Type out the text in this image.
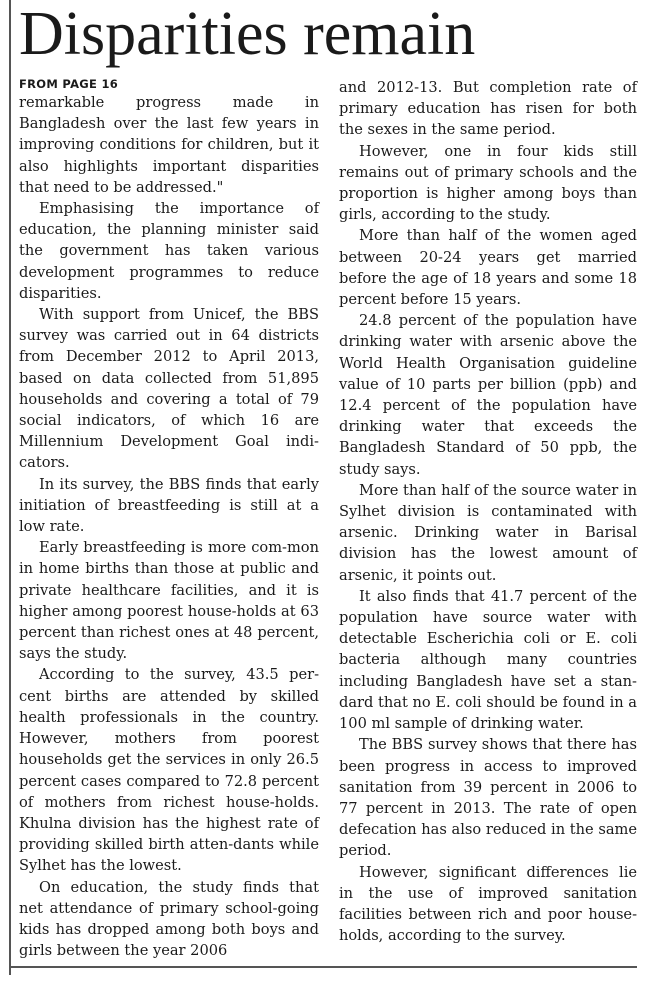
Disparities remain

FROM PAGE 16

remarkable progress made in Bangladesh over the last few years in improving conditions for children, but it also highlights important disparities that need to be addressed."

Emphasising the importance of education, the planning minister said the government has taken various development programmes to reduce disparities.

With support from Unicef, the BBS survey was carried out in 64 districts from December 2012 to April 2013, based on data collected from 51,895 households and covering a total of 79 social indicators, of which 16 are Millennium Development Goal indi-cators.

In its survey, the BBS finds that early initiation of breastfeeding is still at a low rate.

Early breastfeeding is more com-mon in home births than those at public and private healthcare facilities, and it is higher among poorest house-holds at 63 percent than richest ones at 48 percent, says the study.

According to the survey, 43.5 per-cent births are attended by skilled health professionals in the country. However, mothers from poorest households get the services in only 26.5 percent cases compared to 72.8 percent of mothers from richest house-holds. Khulna division has the highest rate of providing skilled birth atten-dants while Sylhet has the lowest.

On education, the study finds that net attendance of primary school-going kids has dropped among both boys and girls between the year 2006

and 2012-13. But completion rate of primary education has risen for both the sexes in the same period.

However, one in four kids still remains out of primary schools and the proportion is higher among boys than girls, according to the study.

More than half of the women aged between 20-24 years get married before the age of 18 years and some 18 percent before 15 years.

24.8 percent of the population have drinking water with arsenic above the World Health Organisation guideline value of 10 parts per billion (ppb) and 12.4 percent of the population have drinking water that exceeds the Bangladesh Standard of 50 ppb, the study says.

More than half of the source water in Sylhet division is contaminated with arsenic. Drinking water in Barisal division has the lowest amount of arsenic, it points out.

It also finds that 41.7 percent of the population have source water with detectable Escherichia coli or E. coli bacteria although many countries including Bangladesh have set a stan-dard that no E. coli should be found in a 100 ml sample of drinking water.

The BBS survey shows that there has been progress in access to improved sanitation from 39 percent in 2006 to 77 percent in 2013. The rate of open defecation has also reduced in the same period.

However, significant differences lie in the use of improved sanitation facilities between rich and poor house-holds, according to the survey.
